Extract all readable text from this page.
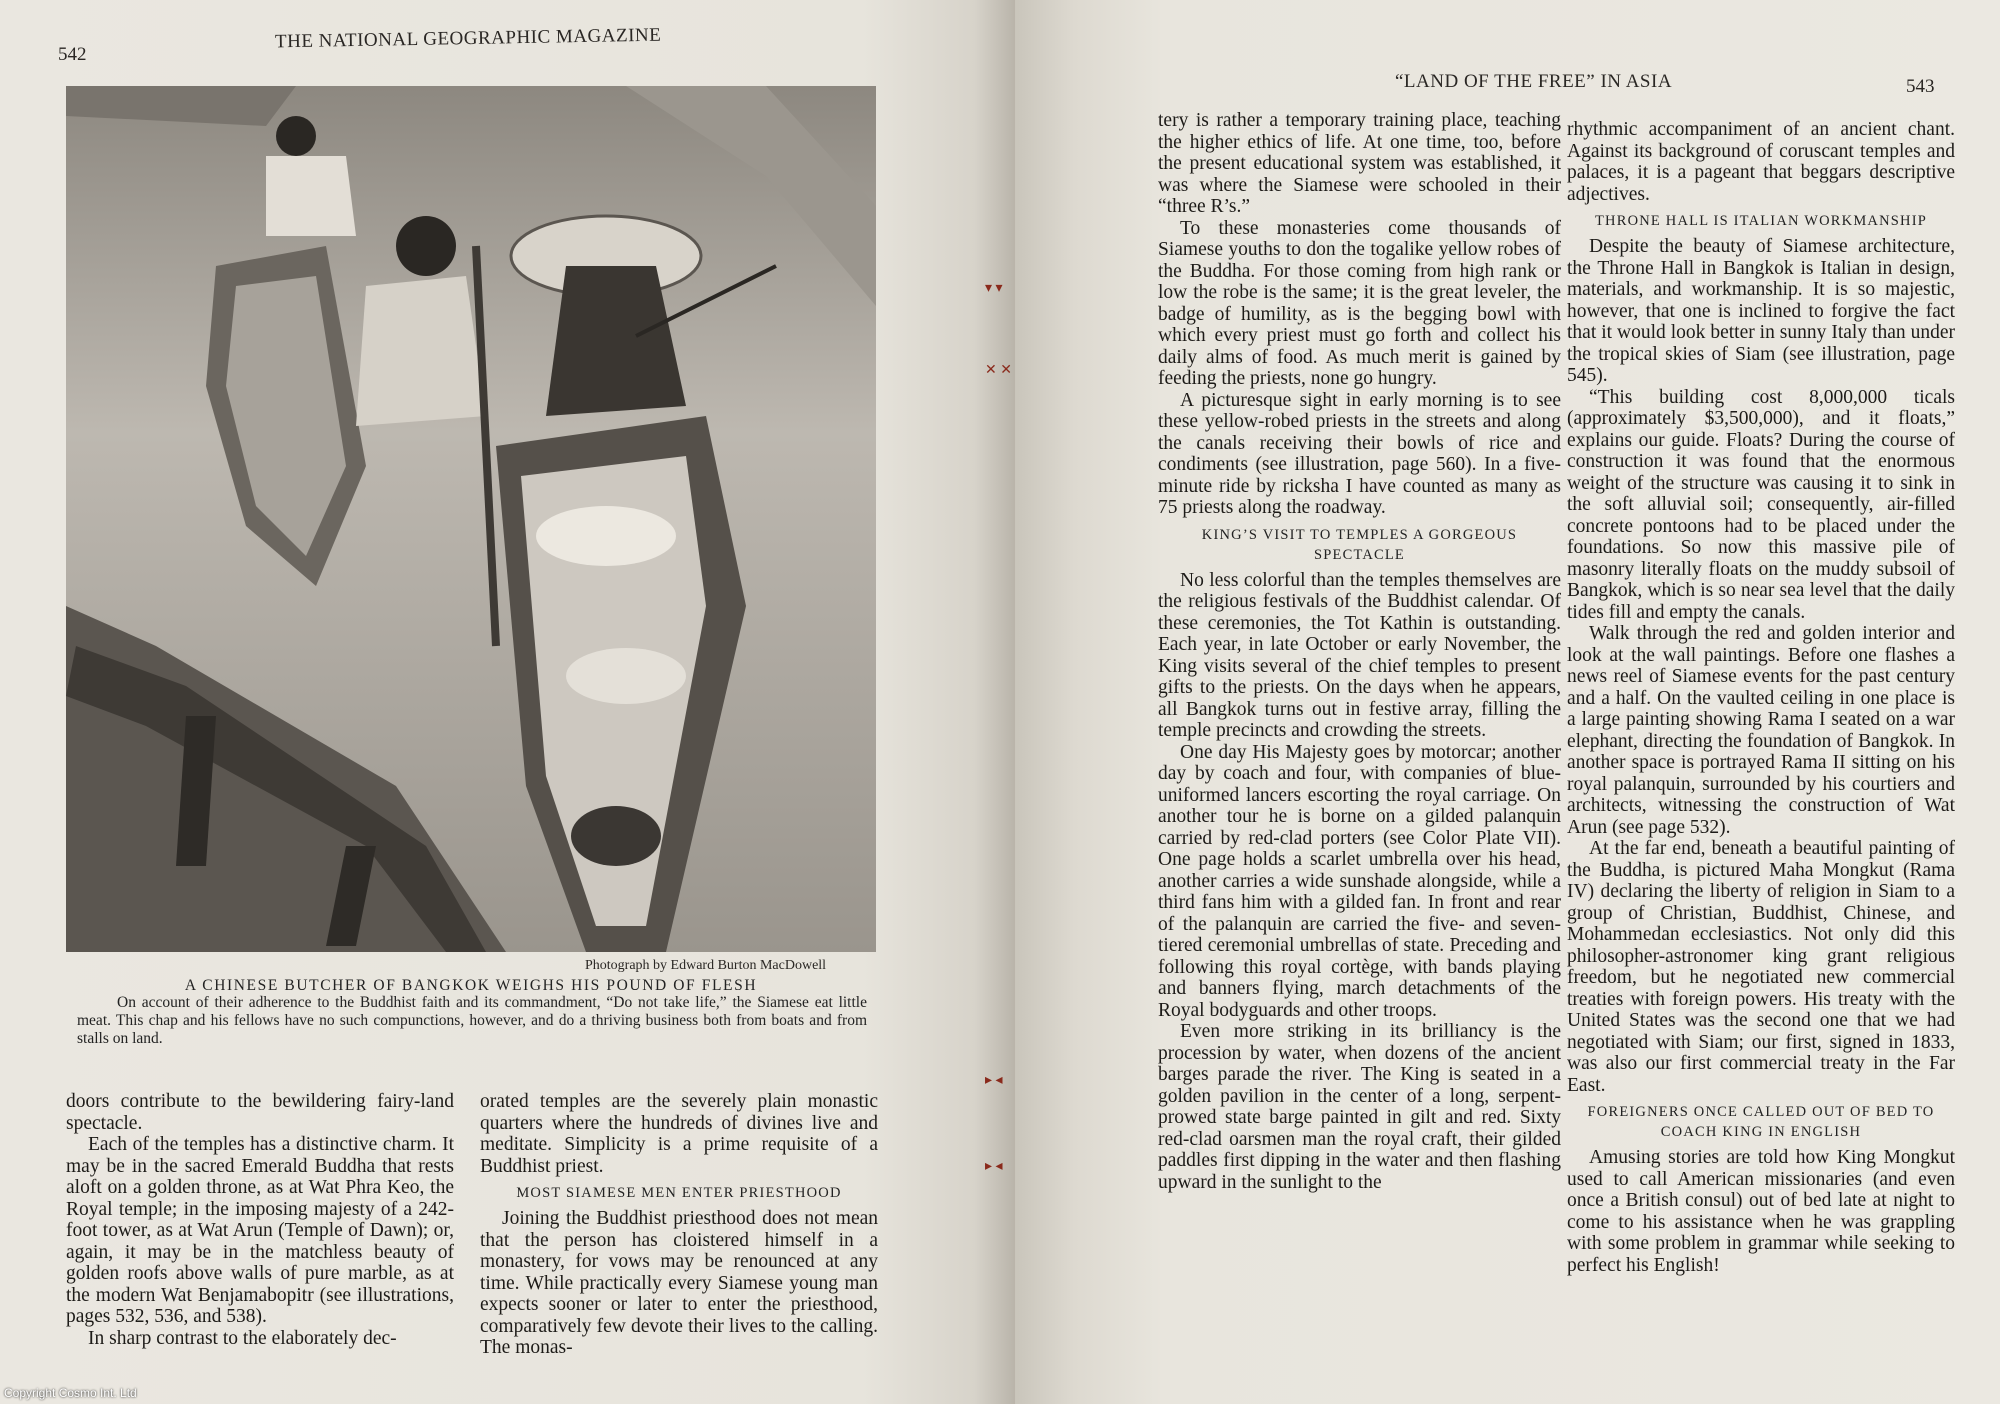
542
THE NATIONAL GEOGRAPHIC MAGAZINE
Photograph by Edward Burton MacDowell
A CHINESE BUTCHER OF BANGKOK WEIGHS HIS POUND OF FLESH
On account of their adherence to the Buddhist faith and its commandment, “Do not take life,” the Siamese eat little meat. This chap and his fellows have no such compunctions, however, and do a thriving business both from boats and from stalls on land.

doors contribute to the bewildering fairy-land spectacle.

Each of the temples has a distinctive charm. It may be in the sacred Emerald Buddha that rests aloft on a golden throne, as at Wat Phra Keo, the Royal temple; in the imposing majesty of a 242-foot tower, as at Wat Arun (Temple of Dawn); or, again, it may be in the matchless beauty of golden roofs above walls of pure marble, as at the modern Wat Benjamabopitr (see illustrations, pages 532, 536, and 538).

In sharp contrast to the elaborately dec-

orated temples are the severely plain monastic quarters where the hundreds of divines live and meditate. Simplicity is a prime requisite of a Buddhist priest.

MOST SIAMESE MEN ENTER PRIESTHOOD

Joining the Buddhist priesthood does not mean that the person has cloistered himself in a monastery, for vows may be renounced at any time. While practically every Siamese young man expects sooner or later to enter the priesthood, comparatively few devote their lives to the calling. The monas-

▾ ▾
✕ ✕
▸ ◂
▸ ◂
“LAND OF THE FREE” IN ASIA	543

tery is rather a temporary training place, teaching the higher ethics of life. At one time, too, before the present educational system was established, it was where the Siamese were schooled in their “three R’s.”

To these monasteries come thousands of Siamese youths to don the togalike yellow robes of the Buddha. For those coming from high rank or low the robe is the same; it is the great leveler, the badge of humility, as is the begging bowl with which every priest must go forth and collect his daily alms of food. As much merit is gained by feeding the priests, none go hungry.

A picturesque sight in early morning is to see these yellow-robed priests in the streets and along the canals receiving their bowls of rice and condiments (see illustration, page 560). In a five-minute ride by ricksha I have counted as many as 75 priests along the roadway.

KING’S VISIT TO TEMPLES A GORGEOUS SPECTACLE

No less colorful than the temples themselves are the religious festivals of the Buddhist calendar. Of these ceremonies, the Tot Kathin is outstanding. Each year, in late October or early November, the King visits several of the chief temples to present gifts to the priests. On the days when he appears, all Bangkok turns out in festive array, filling the temple precincts and crowding the streets.

One day His Majesty goes by motorcar; another day by coach and four, with companies of blue-uniformed lancers escorting the royal carriage. On another tour he is borne on a gilded palanquin carried by red-clad porters (see Color Plate VII). One page holds a scarlet umbrella over his head, another carries a wide sunshade alongside, while a third fans him with a gilded fan. In front and rear of the palanquin are carried the five- and seven-tiered ceremonial umbrellas of state. Preceding and following this royal cortège, with bands playing and banners flying, march detachments of the Royal bodyguards and other troops.

Even more striking in its brilliancy is the procession by water, when dozens of the ancient barges parade the river. The King is seated in a golden pavilion in the center of a long, serpent-prowed state barge painted in gilt and red. Sixty red-clad oarsmen man the royal craft, their gilded paddles first dipping in the water and then flashing upward in the sunlight to the

rhythmic accompaniment of an ancient chant. Against its background of coruscant temples and palaces, it is a pageant that beggars descriptive adjectives.

THRONE HALL IS ITALIAN WORKMANSHIP

Despite the beauty of Siamese architecture, the Throne Hall in Bangkok is Italian in design, materials, and workmanship. It is so majestic, however, that one is inclined to forgive the fact that it would look better in sunny Italy than under the tropical skies of Siam (see illustration, page 545).

“This building cost 8,000,000 ticals (approximately $3,500,000), and it floats,” explains our guide. Floats? During the course of construction it was found that the enormous weight of the structure was causing it to sink in the soft alluvial soil; consequently, air-filled concrete pontoons had to be placed under the foundations. So now this massive pile of masonry literally floats on the muddy subsoil of Bangkok, which is so near sea level that the daily tides fill and empty the canals.

Walk through the red and golden interior and look at the wall paintings. Before one flashes a news reel of Siamese events for the past century and a half. On the vaulted ceiling in one place is a large painting showing Rama I seated on a war elephant, directing the foundation of Bangkok. In another space is portrayed Rama II sitting on his royal palanquin, surrounded by his courtiers and architects, witnessing the construction of Wat Arun (see page 532).

At the far end, beneath a beautiful painting of the Buddha, is pictured Maha Mongkut (Rama IV) declaring the liberty of religion in Siam to a group of Christian, Buddhist, Chinese, and Mohammedan ecclesiastics. Not only did this philosopher-astronomer king grant religious freedom, but he negotiated new commercial treaties with foreign powers. His treaty with the United States was the second one that we had negotiated with Siam; our first, signed in 1833, was also our first commercial treaty in the Far East.

FOREIGNERS ONCE CALLED OUT OF BED TO COACH KING IN ENGLISH

Amusing stories are told how King Mongkut used to call American missionaries (and even once a British consul) out of bed late at night to come to his assistance when he was grappling with some problem in grammar while seeking to perfect his English!

Copyright Cosmo Int. Ltd
